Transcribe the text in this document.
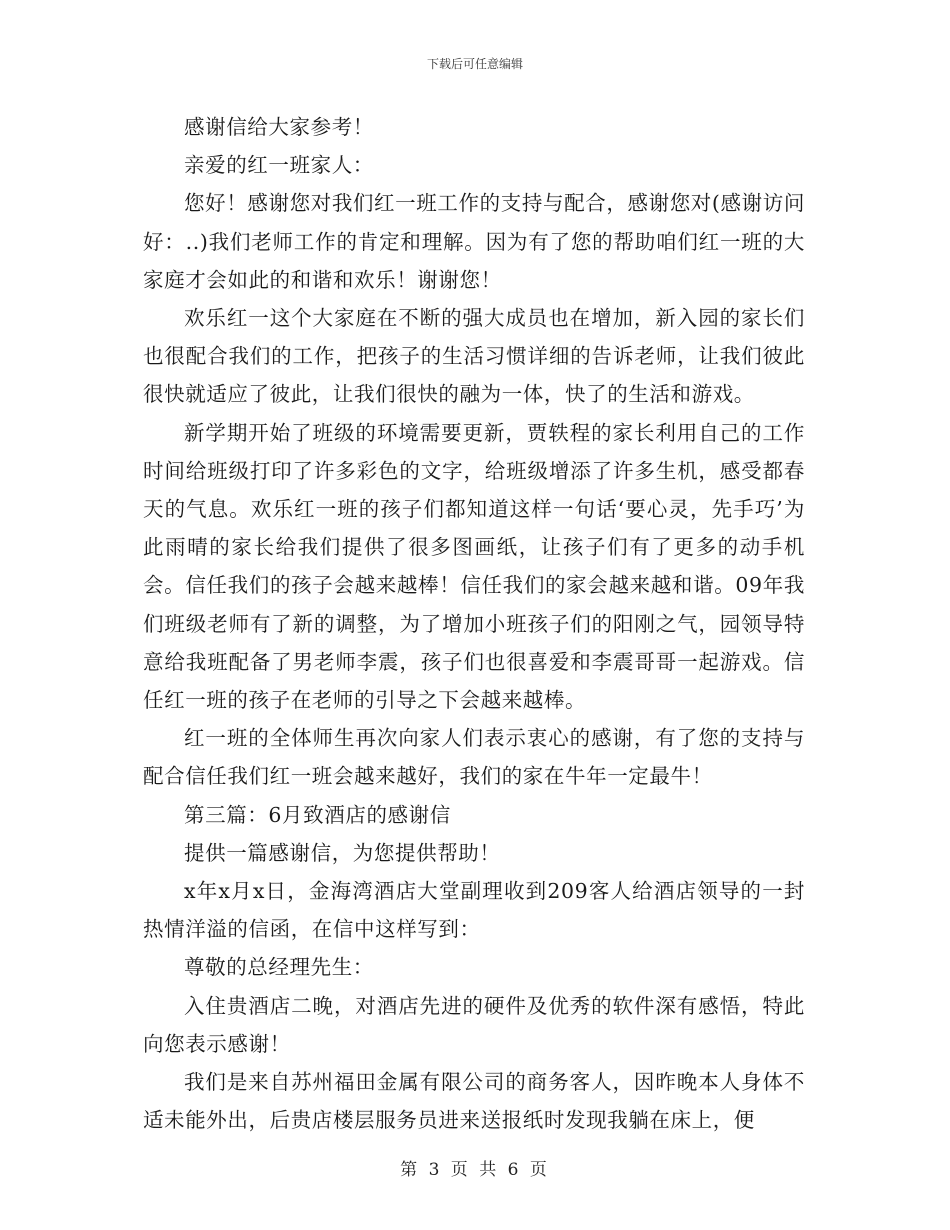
下载后可任意编辑

感谢信给大家参考！

亲爱的红一班家人：

您好！感谢您对我们红一班工作的支持与配合，感谢您对(感谢访问好：..)我们老师工作的肯定和理解。因为有了您的帮助咱们红一班的大家庭才会如此的和谐和欢乐！谢谢您！

欢乐红一这个大家庭在不断的强大成员也在增加，新入园的家长们也很配合我们的工作，把孩子的生活习惯详细的告诉老师，让我们彼此很快就适应了彼此，让我们很快的融为一体，快了的生活和游戏。

新学期开始了班级的环境需要更新，贾轶程的家长利用自己的工作时间给班级打印了许多彩色的文字，给班级增添了许多生机，感受都春天的气息。欢乐红一班的孩子们都知道这样一句话‘要心灵，先手巧’为此雨晴的家长给我们提供了很多图画纸，让孩子们有了更多的动手机会。信任我们的孩子会越来越棒！信任我们的家会越来越和谐。09年我们班级老师有了新的调整，为了增加小班孩子们的阳刚之气，园领导特意给我班配备了男老师李震，孩子们也很喜爱和李震哥哥一起游戏。信任红一班的孩子在老师的引导之下会越来越棒。

红一班的全体师生再次向家人们表示衷心的感谢，有了您的支持与配合信任我们红一班会越来越好，我们的家在牛年一定最牛！

第三篇：6月致酒店的感谢信

提供一篇感谢信，为您提供帮助！

x年x月x日，金海湾酒店大堂副理收到209客人给酒店领导的一封热情洋溢的信函，在信中这样写到：

尊敬的总经理先生：

入住贵酒店二晚，对酒店先进的硬件及优秀的软件深有感悟，特此向您表示感谢！

我们是来自苏州福田金属有限公司的商务客人，因昨晚本人身体不适未能外出，后贵店楼层服务员进来送报纸时发现我躺在床上，便

第 3 页 共 6 页
